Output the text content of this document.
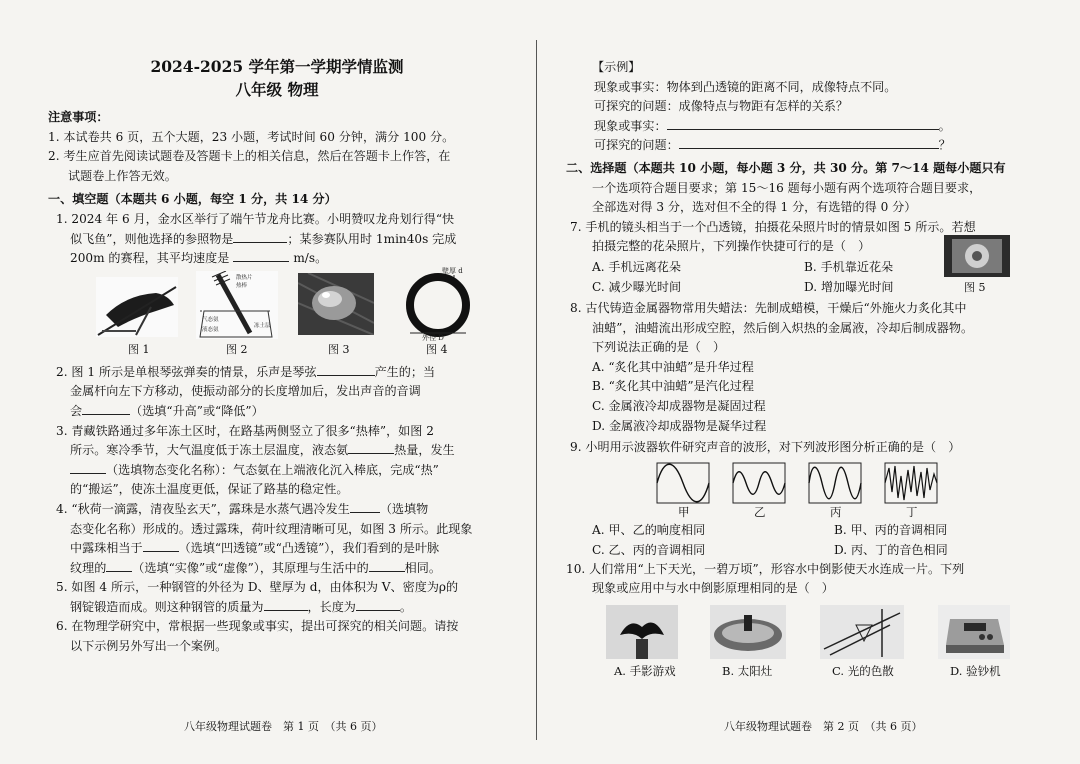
2024-2025 学年第一学期学情监测
八年级 物理
注意事项：
1. 本试卷共 6 页，五个大题，23 小题，考试时间 60 分钟，满分 100 分。
2. 考生应首先阅读试题卷及答题卡上的相关信息，然后在答题卡上作答，在
试题卷上作答无效。
一、填空题（本题共 6 小题，每空 1 分，共 14 分）
1. 2024 年 6 月，金水区举行了端午节龙舟比赛。小明赞叹龙舟划行得“快
似飞鱼”，则他选择的参照物是	；某参赛队用时 1min40s 完成
200m 的赛程，其平均速度是	m/s。
图 1
散热片
热棒
冻土层
气态氨
液态氨
图 2	图 3
壁厚 d
外径 D
图 4
2. 图 1 所示是单根琴弦弹奏的情景，乐声是琴弦	产生的；当
金属杆向左下方移动，使振动部分的长度增加后，发出声音的音调
会	（选填“升高”或“降低”）
3. 青藏铁路通过多年冻土区时，在路基两侧竖立了很多“热棒”，如图 2
所示。寒冷季节，大气温度低于冻土层温度，液态氨	热量，发生
（选填物态变化名称）：气态氨在上端液化沉入棒底，完成“热”
的“搬运”，使冻土温度更低，保证了路基的稳定性。
4. “秋荷一滴露，清夜坠玄天”，露珠是水蒸气遇冷发生 （选填物
态变化名称）形成的。透过露珠，荷叶纹理清晰可见，如图 3 所示。此现象
中露珠相当于	（选填“凹透镜”或“凸透镜”），我们看到的是叶脉
纹理的 （选填“实像”或“虚像”），其原理与生活中的	相同。
5. 如图 4 所示，一种钢管的外径为 D、壁厚为 d，由体积为 V、密度为ρ的
钢锭锻造而成。则这种钢管的质量为	，长度为	。
6. 在物理学研究中，常根据一些现象或事实，提出可探究的相关问题。请按
以下示例另外写出一个案例。
八年级物理试题卷　第 1 页　（共 6 页）
【示例】
现象或事实：物体到凸透镜的距离不同，成像特点不同。
可探究的问题：成像特点与物距有怎样的关系？
现象或事实：	。
可探究的问题：	？
二、选择题（本题共 10 小题，每小题 3 分，共 30 分。第 7～14 题每小题只有
一个选项符合题目要求；第 15～16 题每小题有两个选项符合题目要求，
全部选对得 3 分，选对但不全的得 1 分，有选错的得 0 分）
7. 手机的镜头相当于一个凸透镜，拍摄花朵照片时的情景如图 5 所示。若想
拍摄完整的花朵照片，下列操作快捷可行的是（　）
A. 手机远离花朵	B. 手机靠近花朵
C. 减少曝光时间	D. 增加曝光时间	图 5
8. 古代铸造金属器物常用失蜡法：先制成蜡模，干燥后“外施火力炙化其中
油蜡”，油蜡流出形成空腔，然后倒入炽热的金属液，冷却后制成器物。
下列说法正确的是（　）
A. “炙化其中油蜡”是升华过程
B. “炙化其中油蜡”是汽化过程
C. 金属液冷却成器物是凝固过程
D. 金属液冷却成器物是凝华过程
9. 小明用示波器软件研究声音的波形，对下列波形图分析正确的是（　）
甲	乙	丙	丁
A. 甲、乙的响度相同	B. 甲、丙的音调相同
C. 乙、丙的音调相同	D. 丙、丁的音色相同
10. 人们常用“上下天光，一碧万顷”，形容水中倒影使天水连成一片。下列
现象或应用中与水中倒影原理相同的是（　）
A. 手影游戏	B. 太阳灶	C. 光的色散	D. 验钞机
八年级物理试题卷　第 2 页　（共 6 页）
